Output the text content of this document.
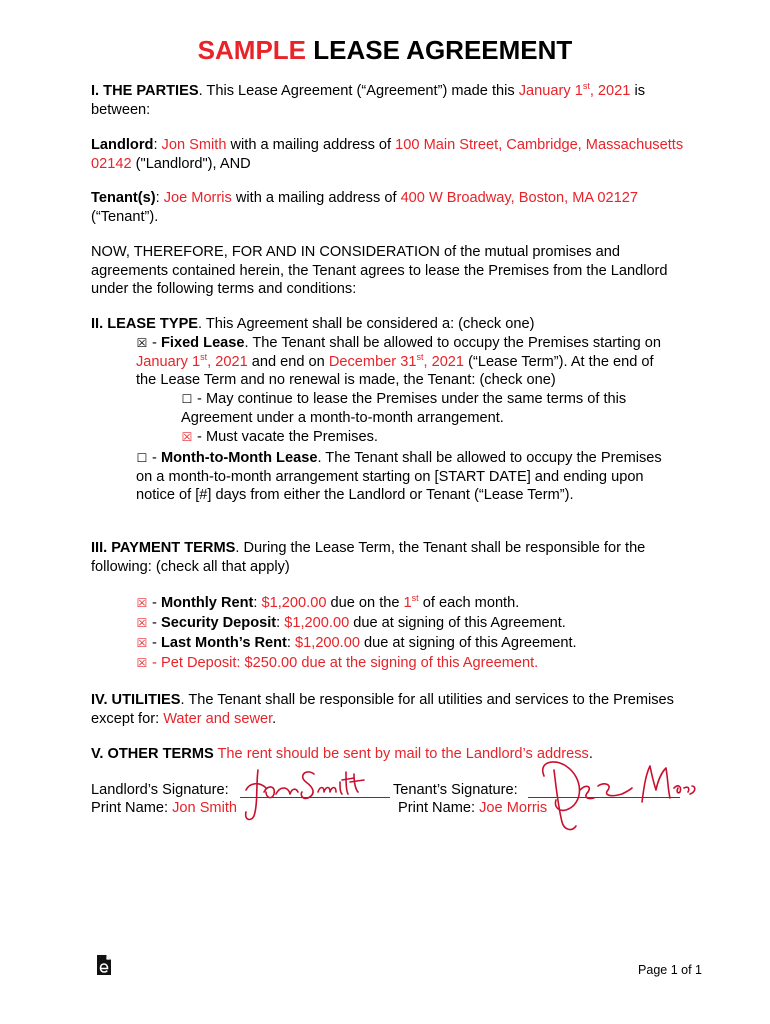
SAMPLE LEASE AGREEMENT
I. THE PARTIES. This Lease Agreement (“Agreement”) made this January 1st, 2021 is between:
Landlord: Jon Smith with a mailing address of 100 Main Street, Cambridge, Massachusetts 02142 ("Landlord"), AND
Tenant(s): Joe Morris with a mailing address of 400 W Broadway, Boston, MA 02127 (“Tenant”).
NOW, THEREFORE, FOR AND IN CONSIDERATION of the mutual promises and agreements contained herein, the Tenant agrees to lease the Premises from the Landlord under the following terms and conditions:
II. LEASE TYPE. This Agreement shall be considered a: (check one)
☒ - Fixed Lease. The Tenant shall be allowed to occupy the Premises starting on January 1st, 2021 and end on December 31st, 2021 (“Lease Term”). At the end of the Lease Term and no renewal is made, the Tenant: (check one)
☐ - May continue to lease the Premises under the same terms of this Agreement under a month-to-month arrangement.
☒ - Must vacate the Premises.
☐ - Month-to-Month Lease. The Tenant shall be allowed to occupy the Premises on a month-to-month arrangement starting on [START DATE] and ending upon notice of [#] days from either the Landlord or Tenant (“Lease Term”).
III. PAYMENT TERMS. During the Lease Term, the Tenant shall be responsible for the following: (check all that apply)
☒ - Monthly Rent: $1,200.00 due on the 1st of each month.
☒ - Security Deposit: $1,200.00 due at signing of this Agreement.
☒ - Last Month’s Rent: $1,200.00 due at signing of this Agreement.
☒ - Pet Deposit: $250.00 due at the signing of this Agreement.
IV. UTILITIES. The Tenant shall be responsible for all utilities and services to the Premises except for: Water and sewer.
V. OTHER TERMS The rent should be sent by mail to the Landlord’s address.
Landlord’s Signature:
Print Name: Jon Smith
Tenant’s Signature:
Print Name: Joe Morris
Page 1 of 1
